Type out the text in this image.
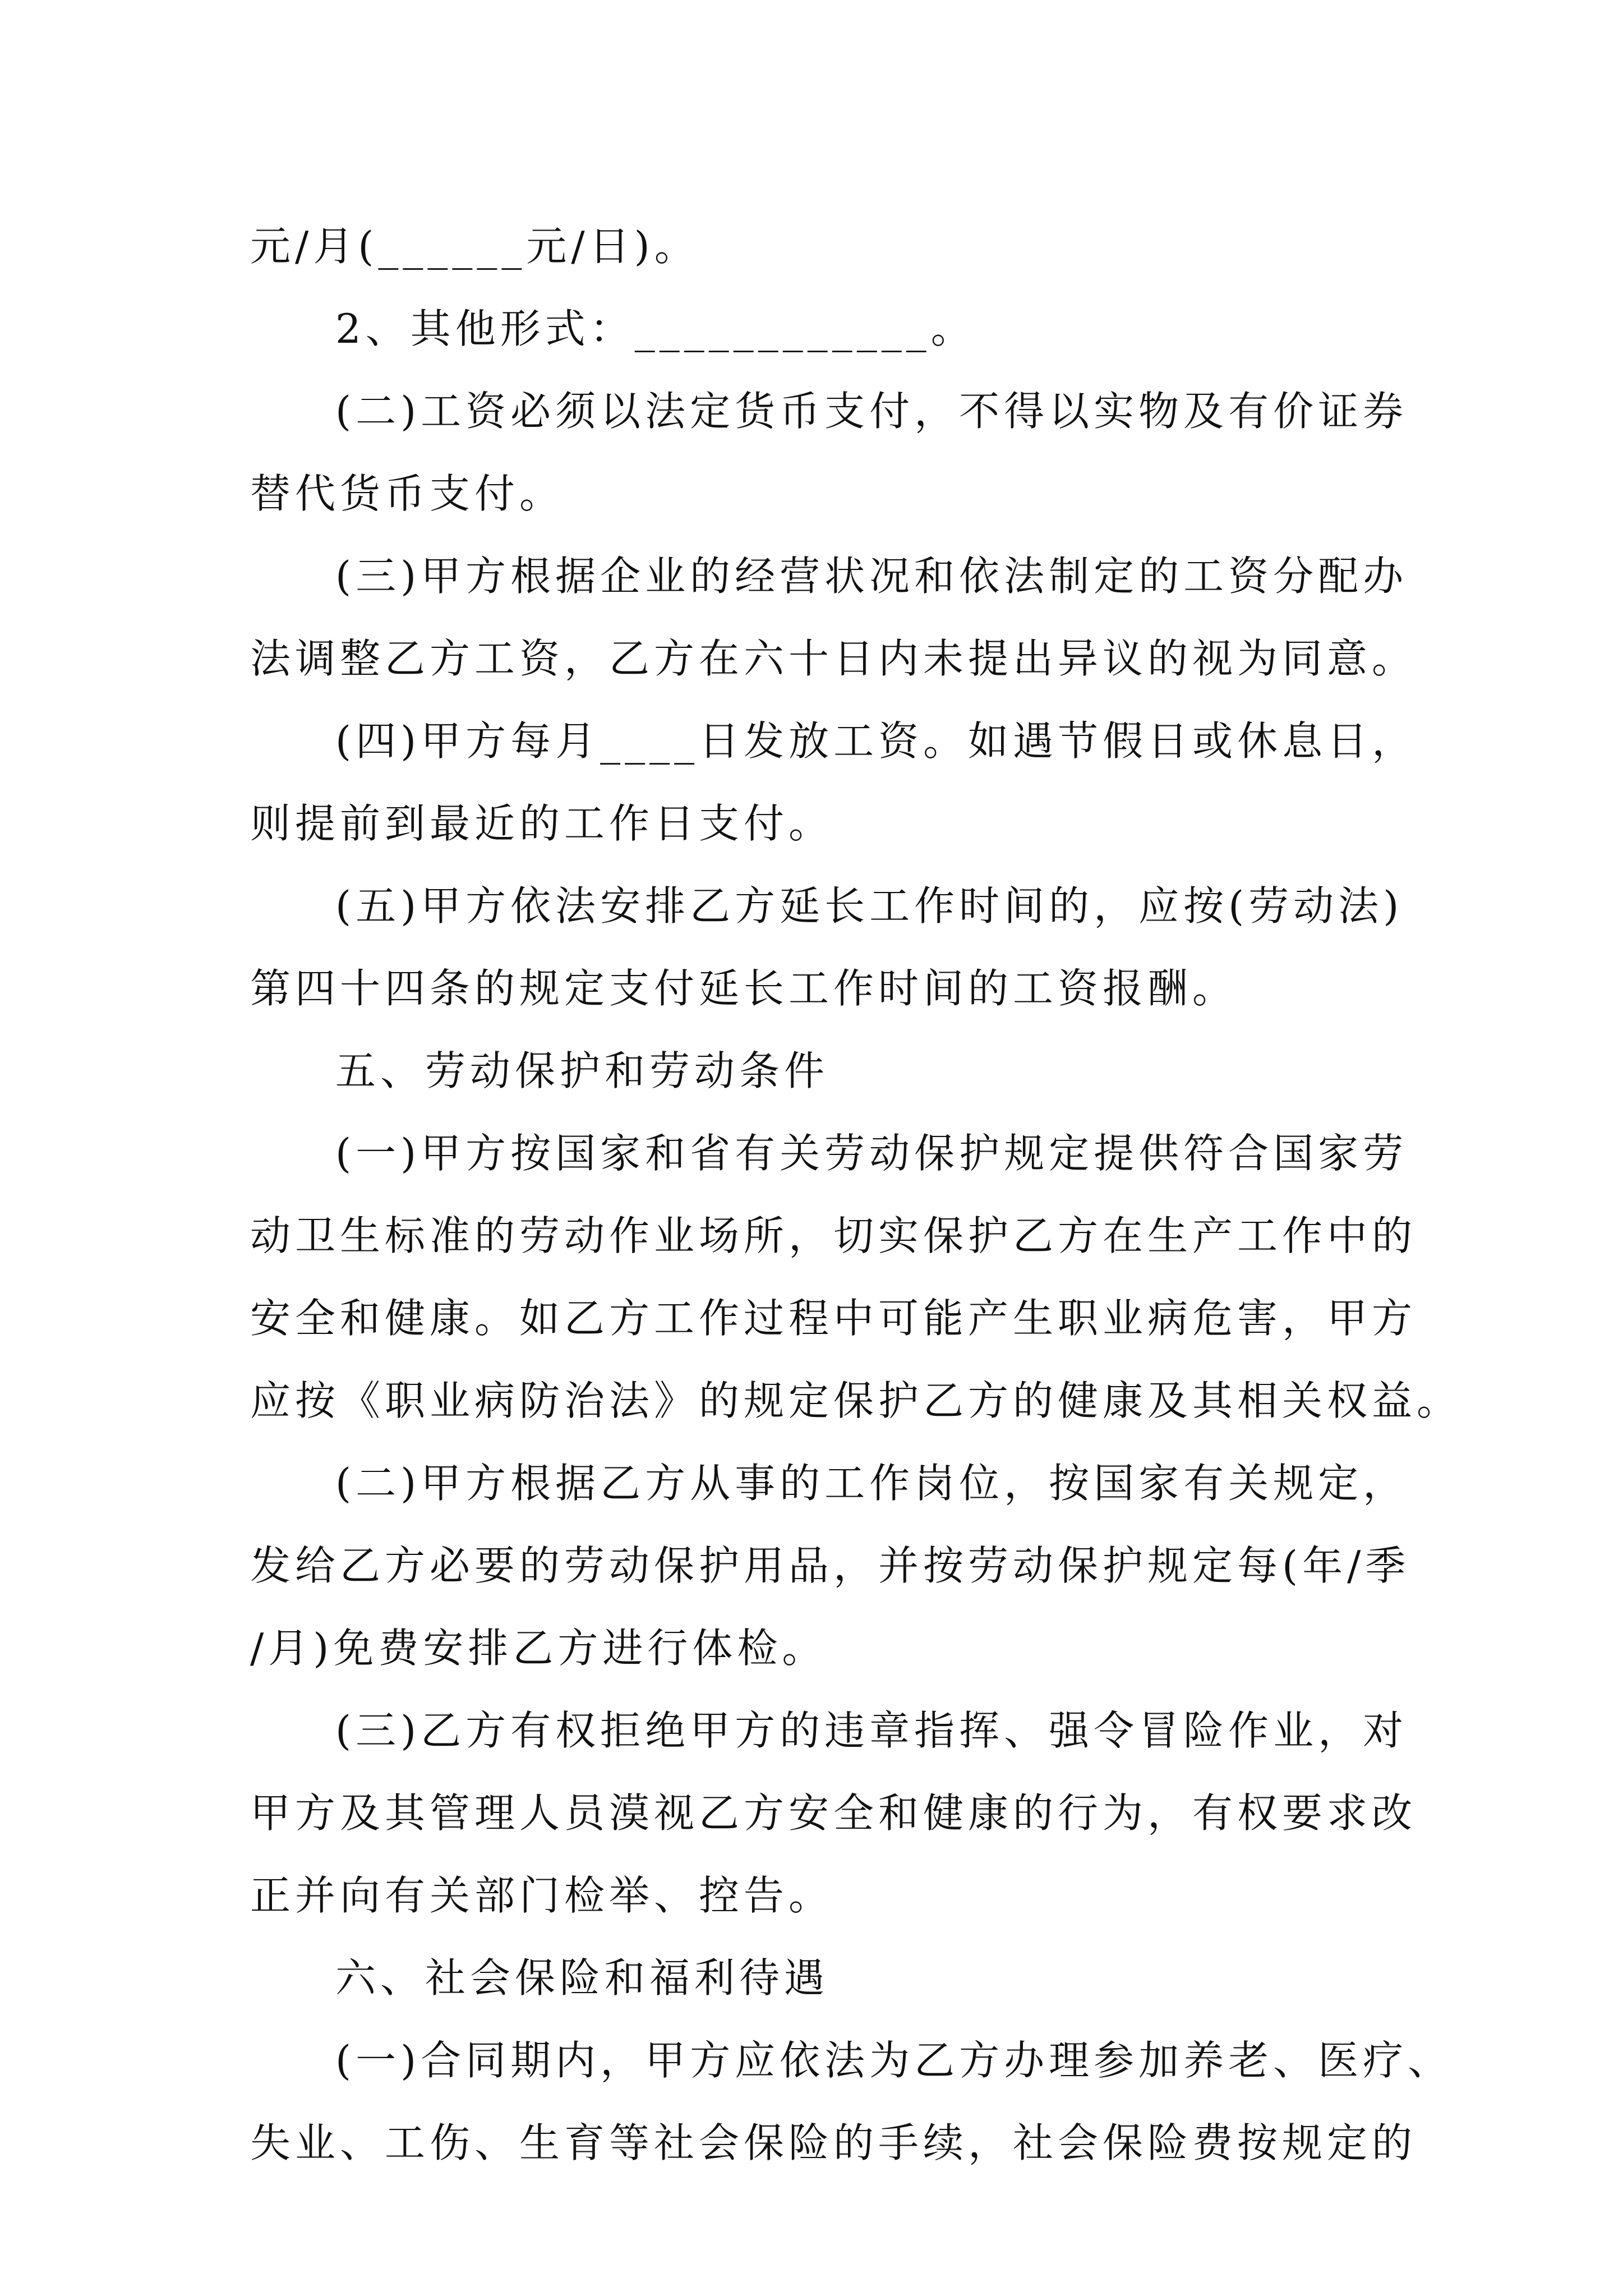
元/月(______元/日)。
2、其他形式：____________。
(二)工资必须以法定货币支付，不得以实物及有价证券
替代货币支付。
(三)甲方根据企业的经营状况和依法制定的工资分配办
法调整乙方工资，乙方在六十日内未提出异议的视为同意。
(四)甲方每月____日发放工资。如遇节假日或休息日，
则提前到最近的工作日支付。
(五)甲方依法安排乙方延长工作时间的，应按(劳动法)
第四十四条的规定支付延长工作时间的工资报酬。
五、劳动保护和劳动条件
(一)甲方按国家和省有关劳动保护规定提供符合国家劳
动卫生标准的劳动作业场所，切实保护乙方在生产工作中的
安全和健康。如乙方工作过程中可能产生职业病危害，甲方
应按《职业病防治法》的规定保护乙方的健康及其相关权益。
(二)甲方根据乙方从事的工作岗位，按国家有关规定，
发给乙方必要的劳动保护用品，并按劳动保护规定每(年/季
/月)免费安排乙方进行体检。
(三)乙方有权拒绝甲方的违章指挥、强令冒险作业，对
甲方及其管理人员漠视乙方安全和健康的行为，有权要求改
正并向有关部门检举、控告。
六、社会保险和福利待遇
(一)合同期内，甲方应依法为乙方办理参加养老、医疗、
失业、工伤、生育等社会保险的手续，社会保险费按规定的
